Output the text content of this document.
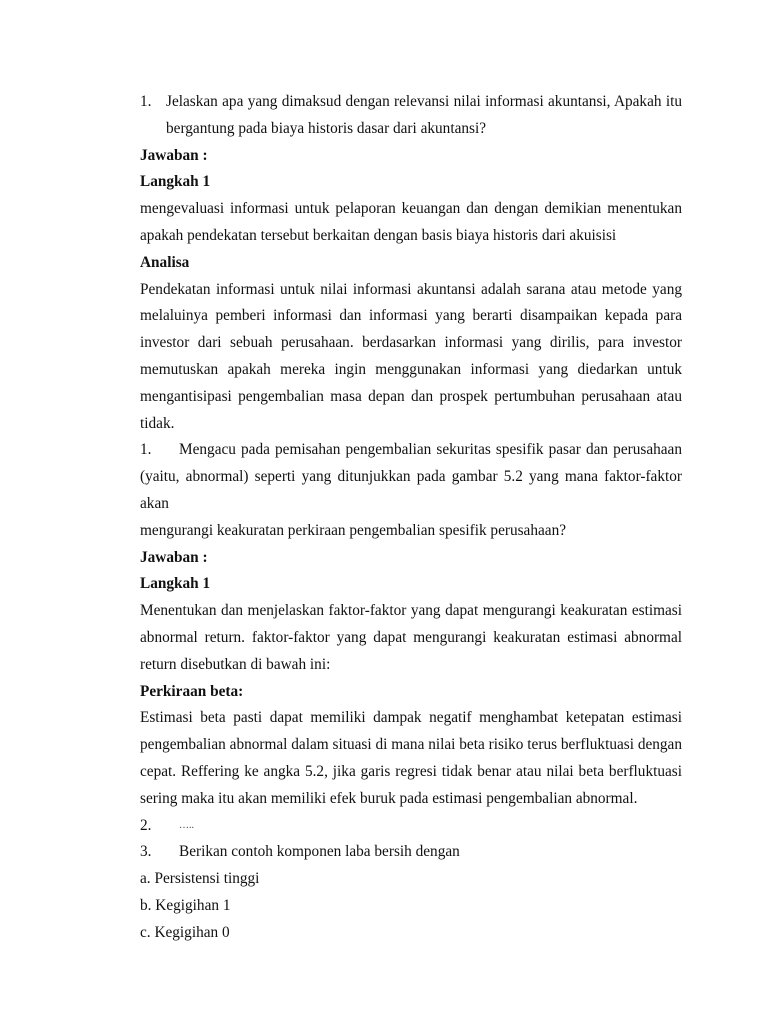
1. Jelaskan apa yang dimaksud dengan relevansi nilai informasi akuntansi, Apakah itu
bergantung pada biaya historis dasar dari akuntansi?
Jawaban :
Langkah 1
mengevaluasi informasi untuk pelaporan keuangan dan dengan demikian menentukan
apakah pendekatan tersebut berkaitan dengan basis biaya historis dari akuisisi
Analisa
Pendekatan informasi untuk nilai informasi akuntansi adalah sarana atau metode yang
melaluinya pemberi informasi dan informasi yang berarti disampaikan kepada para
investor dari sebuah perusahaan. berdasarkan informasi yang dirilis, para investor
memutuskan apakah mereka ingin menggunakan informasi yang diedarkan untuk
mengantisipasi pengembalian masa depan dan prospek pertumbuhan perusahaan atau
tidak.
1.	Mengacu pada pemisahan pengembalian sekuritas spesifik pasar dan perusahaan
(yaitu, abnormal) seperti yang ditunjukkan pada gambar 5.2 yang mana faktor-faktor akan
mengurangi keakuratan perkiraan pengembalian spesifik perusahaan?
Jawaban :
Langkah 1
Menentukan dan menjelaskan faktor-faktor yang dapat mengurangi keakuratan estimasi
abnormal return. faktor-faktor yang dapat mengurangi keakuratan estimasi abnormal
return disebutkan di bawah ini:
Perkiraan beta:
Estimasi beta pasti dapat memiliki dampak negatif menghambat ketepatan estimasi
pengembalian abnormal dalam situasi di mana nilai beta risiko terus berfluktuasi dengan
cepat. Reffering ke angka 5.2, jika garis regresi tidak benar atau nilai beta berfluktuasi
sering maka itu akan memiliki efek buruk pada estimasi pengembalian abnormal.
2.	…..
3.	Berikan contoh komponen laba bersih dengan
a. Persistensi tinggi
b. Kegigihan 1
c. Kegigihan 0
